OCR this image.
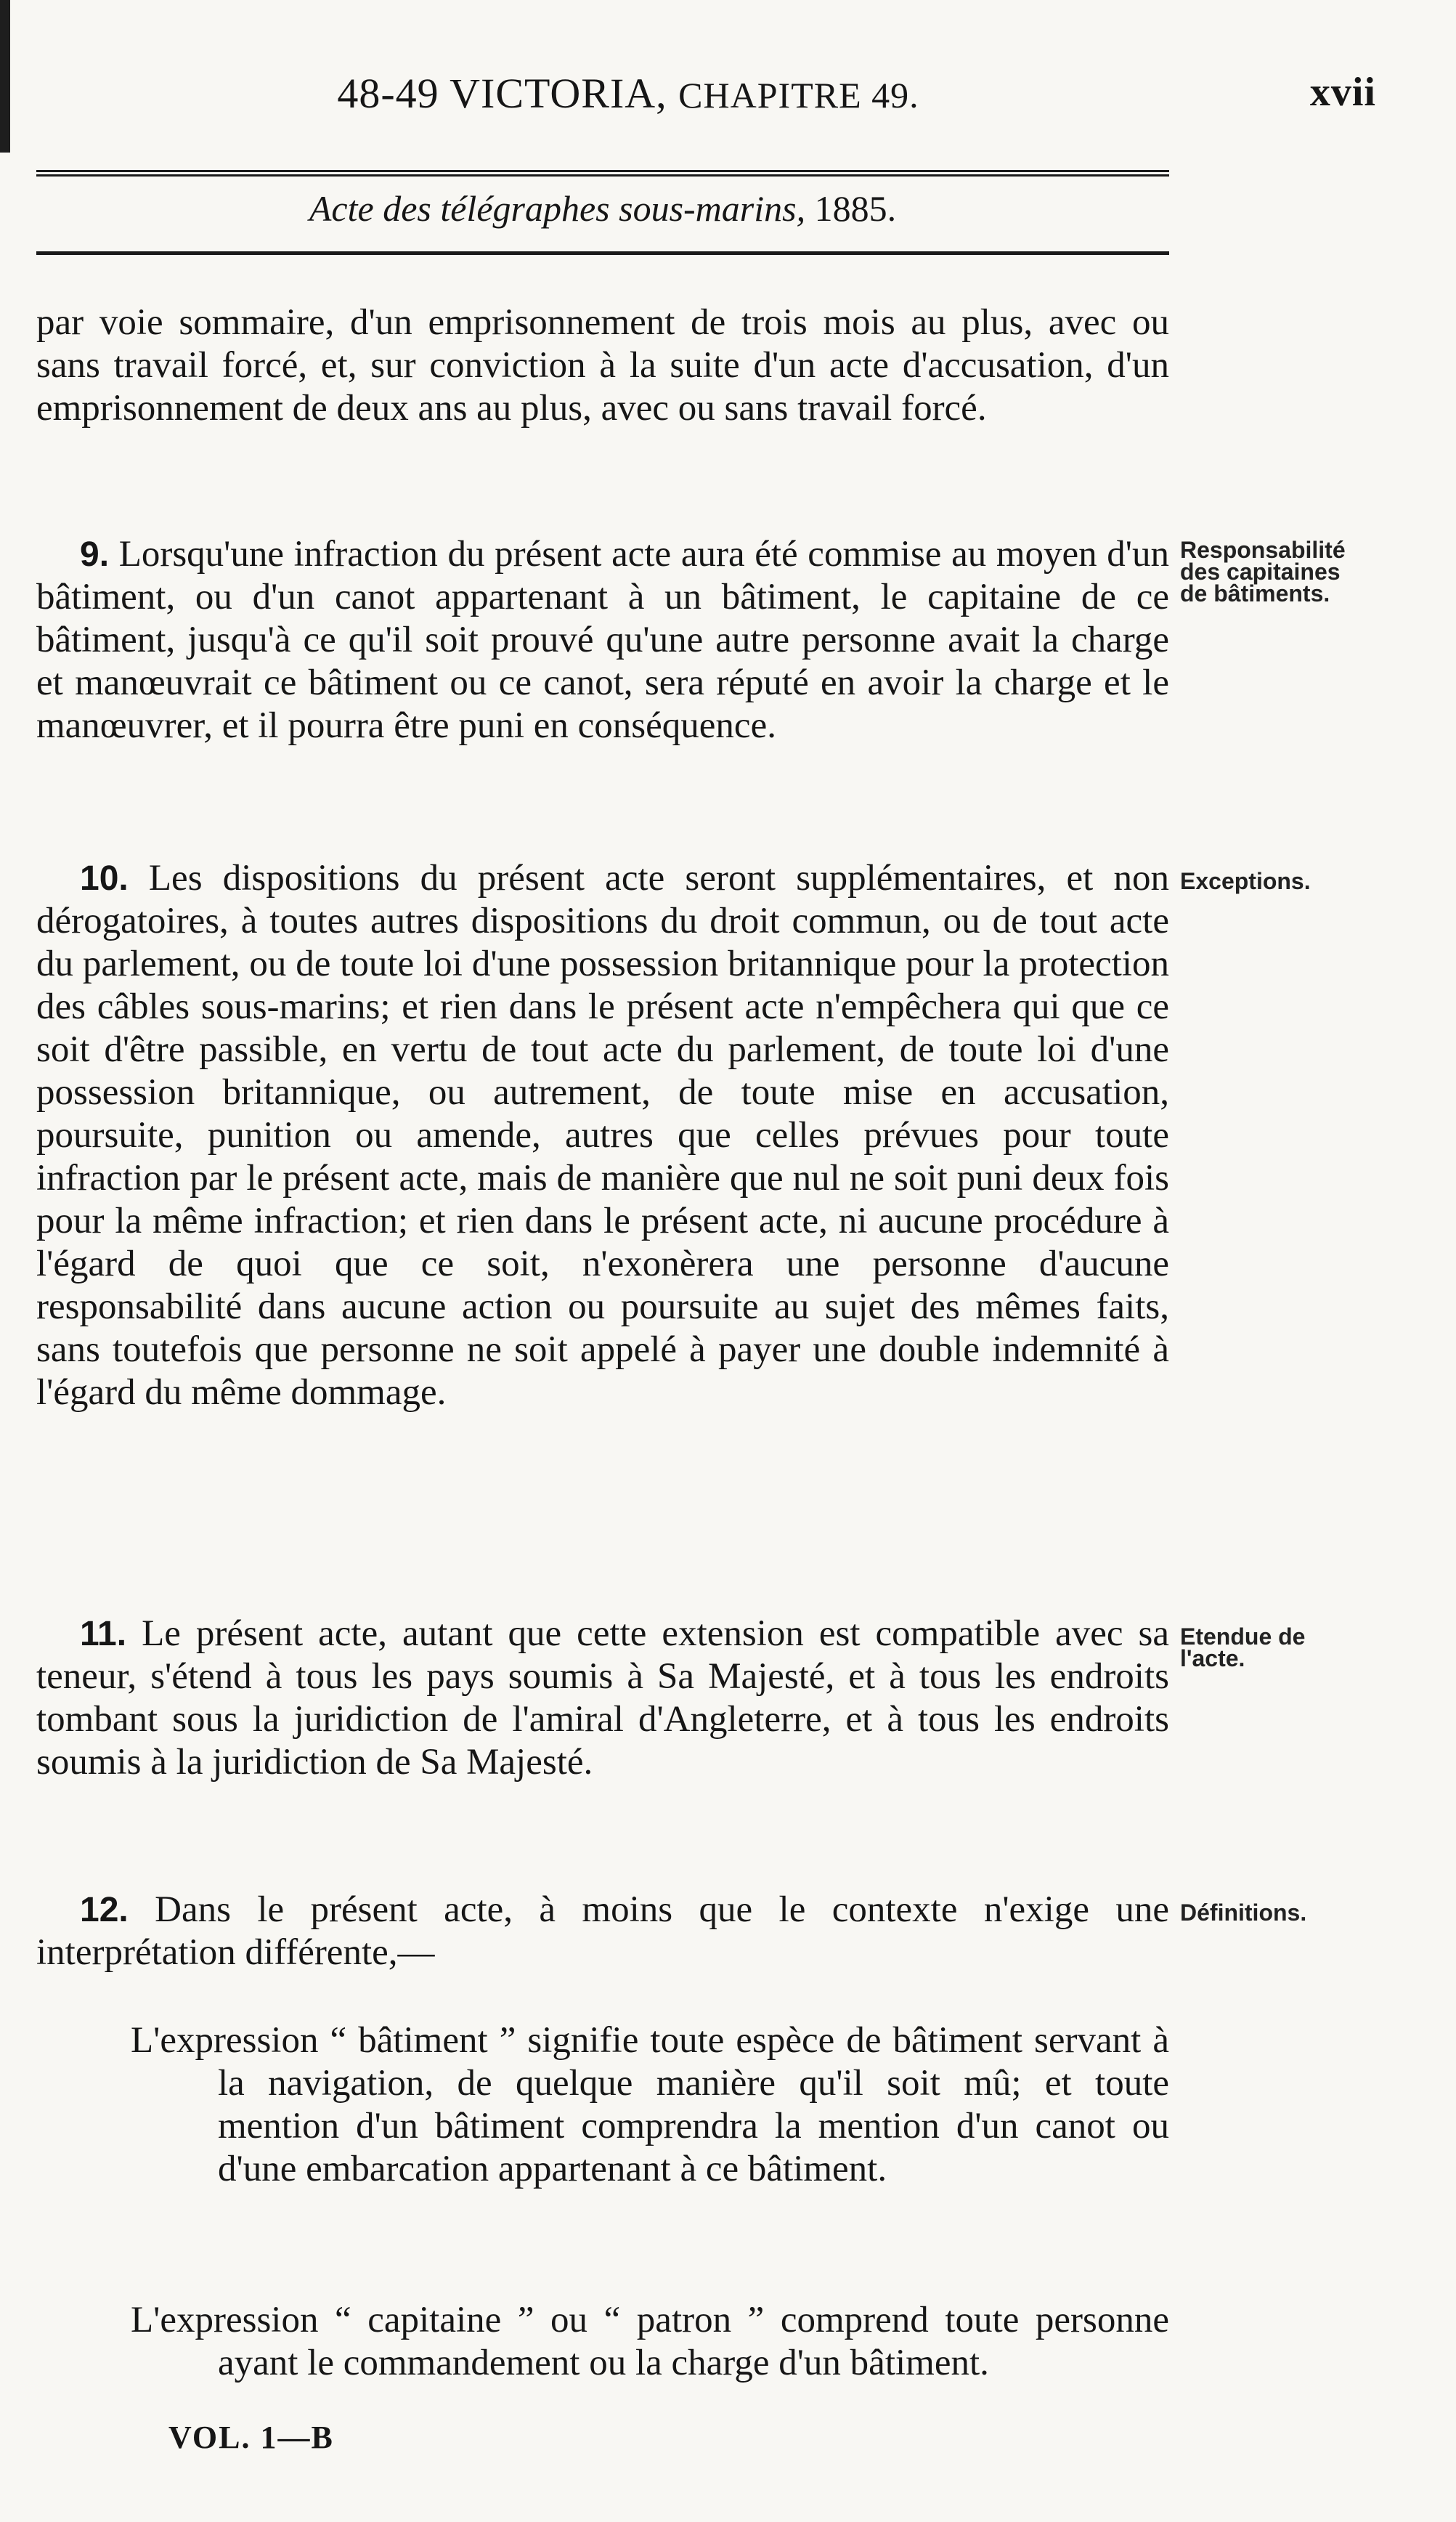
48-49 VICTORIA, CHAPITRE 49.	xvii
Acte des télégraphes sous-marins, 1885.

par voie sommaire, d'un emprisonnement de trois mois au plus, avec ou sans travail forcé, et, sur conviction à la suite d'un acte d'accusation, d'un emprisonnement de deux ans au plus, avec ou sans travail forcé.

9. Lorsqu'une infraction du présent acte aura été commise au moyen d'un bâtiment, ou d'un canot appartenant à un bâtiment, le capitaine de ce bâtiment, jusqu'à ce qu'il soit prouvé qu'une autre personne avait la charge et manœuvrait ce bâtiment ou ce canot, sera réputé en avoir la charge et le manœuvrer, et il pourra être puni en conséquence.

Responsabilité des capitaines de bâtiments.

10. Les dispositions du présent acte seront supplémentaires, et non dérogatoires, à toutes autres dispositions du droit commun, ou de tout acte du parlement, ou de toute loi d'une possession britannique pour la protection des câbles sous-marins; et rien dans le présent acte n'empêchera qui que ce soit d'être passible, en vertu de tout acte du parlement, de toute loi d'une possession britannique, ou autrement, de toute mise en accusation, poursuite, punition ou amende, autres que celles prévues pour toute infraction par le présent acte, mais de manière que nul ne soit puni deux fois pour la même infraction; et rien dans le présent acte, ni aucune procédure à l'égard de quoi que ce soit, n'exonèrera une personne d'aucune responsabilité dans aucune action ou poursuite au sujet des mêmes faits, sans toutefois que personne ne soit appelé à payer une double indemnité à l'égard du même dommage.

Exceptions.

11. Le présent acte, autant que cette extension est compatible avec sa teneur, s'étend à tous les pays soumis à Sa Majesté, et à tous les endroits tombant sous la juridiction de l'amiral d'Angleterre, et à tous les endroits soumis à la juridiction de Sa Majesté.

Etendue de l'acte.

12. Dans le présent acte, à moins que le contexte n'exige une interprétation différente,—

Définitions.

L'expression “ bâtiment ” signifie toute espèce de bâtiment servant à la navigation, de quelque manière qu'il soit mû; et toute mention d'un bâtiment comprendra la mention d'un canot ou d'une embarcation appartenant à ce bâtiment.

L'expression “ capitaine ” ou “ patron ” comprend toute personne ayant le commandement ou la charge d'un bâtiment.

VOL. 1—B
